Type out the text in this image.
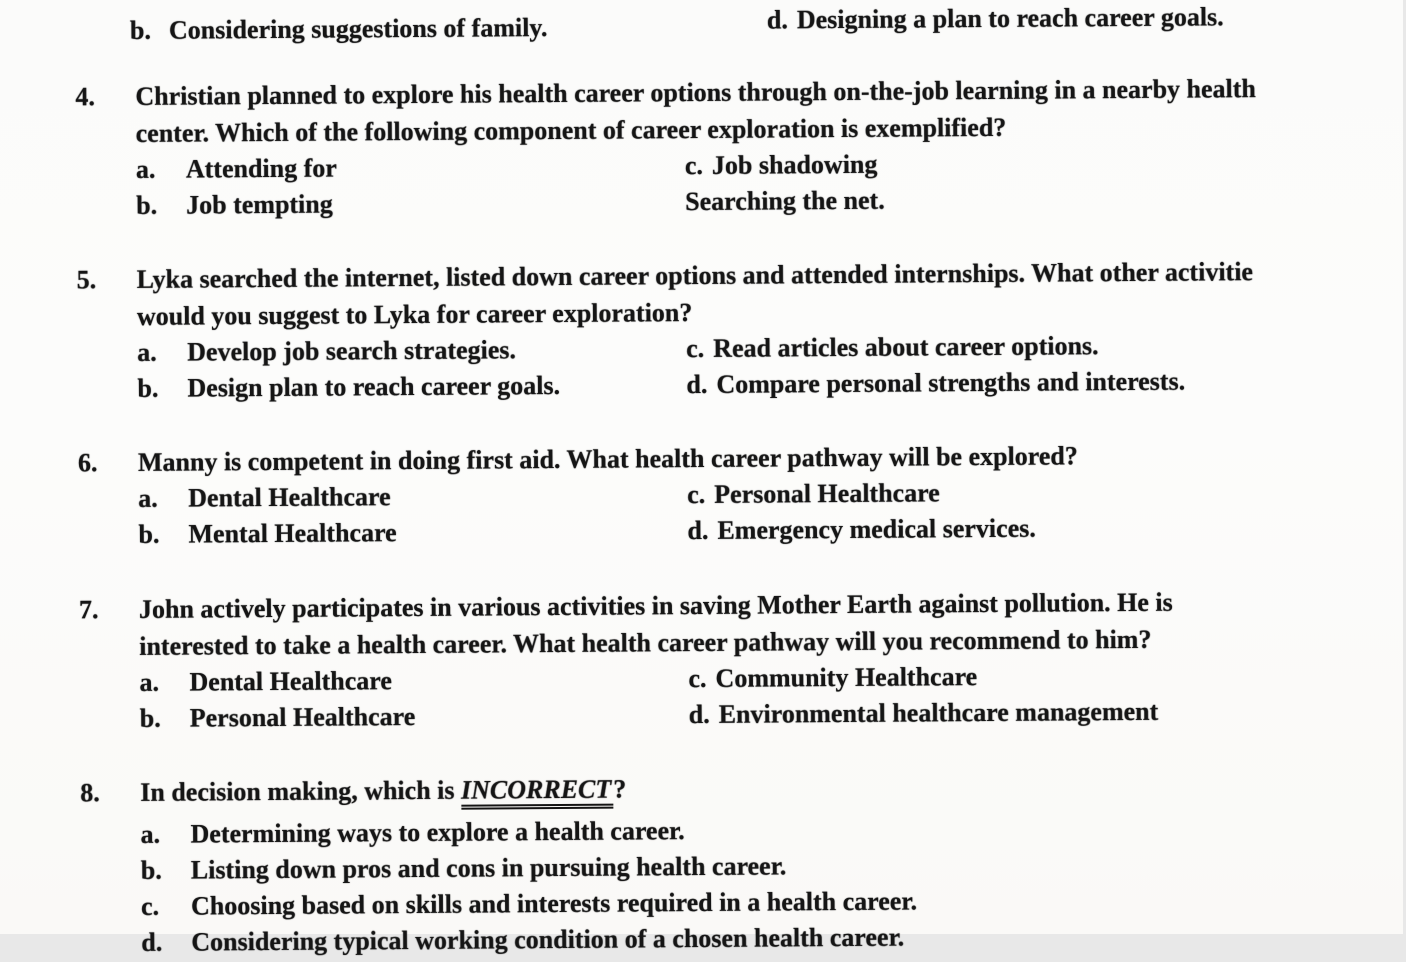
b. Considering suggestions of family.	d. Designing a plan to reach career goals.
4.	Christian planned to explore his health career options through on-the-job learning in a nearby health
center. Which of the following component of career exploration is exemplified?
a. Attending for	c. Job shadowing
b. Job tempting	Searching the net.
5.	Lyka searched the internet, listed down career options and attended internships. What other activitie
would you suggest to Lyka for career exploration?
a. Develop job search strategies.	c. Read articles about career options.
b. Design plan to reach career goals.	d. Compare personal strengths and interests.
6.	Manny is competent in doing first aid. What health career pathway will be explored?
a. Dental Healthcare	c. Personal Healthcare
b. Mental Healthcare	d. Emergency medical services.
7.	John actively participates in various activities in saving Mother Earth against pollution. He is
interested to take a health career. What health career pathway will you recommend to him?
a. Dental Healthcare	c. Community Healthcare
b. Personal Healthcare	d. Environmental healthcare management
8.	In decision making, which is INCORRECT?
a. Determining ways to explore a health career.
b. Listing down pros and cons in pursuing health career.
c. Choosing based on skills and interests required in a health career.
d. Considering typical working condition of a chosen health career.
